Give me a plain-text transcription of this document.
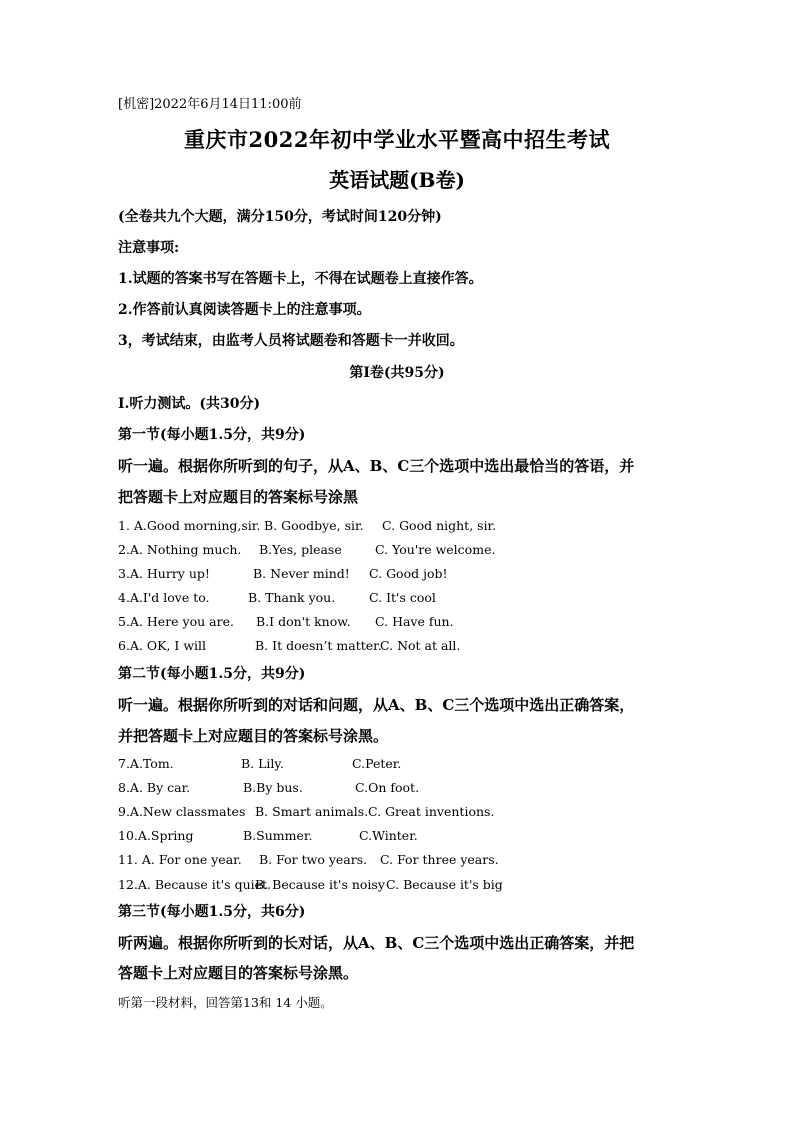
[机密]2022年6月14日11:00前
重庆市2022年初中学业水平暨高中招生考试
英语试题(B卷)
(全卷共九个大题，满分150分，考试时间120分钟)
注意事项:
1.试题的答案书写在答题卡上，不得在试题卷上直接作答。
2.作答前认真阅读答题卡上的注意事项。
3，考试结束，由监考人员将试题卷和答题卡一并收回。
第I卷(共95分)
I.听力测试。(共30分)
第一节(每小题1.5分，共9分)
听一遍。根据你所听到的句子，从A、B、C三个选项中选出最恰当的答语，并
把答题卡上对应题目的答案标号涂黑
1. A.Good morning,sir. B. Goodbye, sir. C. Good night, sir.
2.A. Nothing much. B.Yes, please	C. You're welcome.
3.A. Hurry up!	B. Never mind! C. Good job!
4.A.I'd love to.	B. Thank you.	C. It's cool
5.A. Here you are. B.I don't know. C. Have fun.
6.A. OK, I will	B. It doesn’t matter.
C. Not at all.
第二节(每小题1.5分，共9分)
听一遍。根据你所听到的对话和问题，从A、B、C三个选项中选出正确答案，
并把答题卡上对应题目的答案标号涂黑。
7.A.Tom.	B. Lily.	C.Peter.
8.A. By car.	B.By bus.	C.On foot.
9.A.New classmates B. Smart animals. C. Great inventions.
10.A.Spring	B.Summer.	C.Winter.
11. A. For one year. B. For two years. C. For three years.
12.A. Because it's quiet.
B. Because it's noisy C. Because it's big
第三节(每小题1.5分，共6分)
听两遍。根据你所听到的长对话，从A、B、C三个选项中选出正确答案，并把
答题卡上对应题目的答案标号涂黑。
听第一段材料，回答第13和 14 小题。
